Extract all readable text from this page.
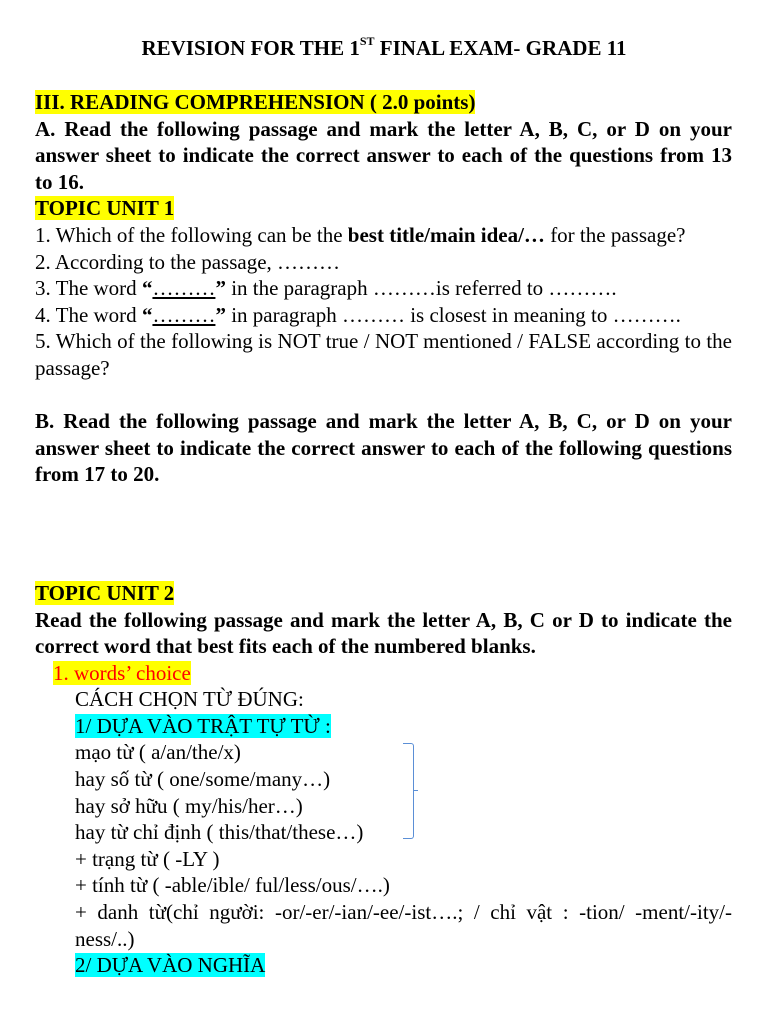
REVISION FOR THE 1ST FINAL EXAM- GRADE 11
III. READING COMPREHENSION ( 2.0 points)
A. Read the following passage and mark the letter A, B, C, or D on your answer sheet to indicate the correct answer to each of the questions from 13 to 16.
TOPIC UNIT 1
1. Which of the following can be the best title/main idea/… for the passage?
2. According to the passage, ………
3. The word “………” in the paragraph ………is referred to ……….
4. The word “………” in paragraph ……… is closest in meaning to ……….
5. Which of the following is NOT true / NOT mentioned / FALSE according to the passage?
B. Read the following passage and mark the letter A, B, C, or D on your answer sheet to indicate the correct answer to each of the following questions from 17 to 20.
TOPIC UNIT 2
Read the following passage and mark the letter A, B, C or D to indicate the correct word that best fits each of the numbered blanks.
1. words’ choice
CÁCH CHỌN TỪ ĐÚNG:
1/ DỰA VÀO TRẬT TỰ TỪ :
mạo từ ( a/an/the/x)
hay số từ ( one/some/many…)
hay sở hữu ( my/his/her…)
hay từ chỉ định ( this/that/these…)
+ trạng từ ( -LY )
+ tính từ ( -able/ible/ ful/less/ous/….)
+ danh từ(chỉ người: -or/-er/-ian/-ee/-ist….; / chỉ vật : -tion/ -ment/-ity/-ness/..)
2/ DỰA VÀO NGHĨA
